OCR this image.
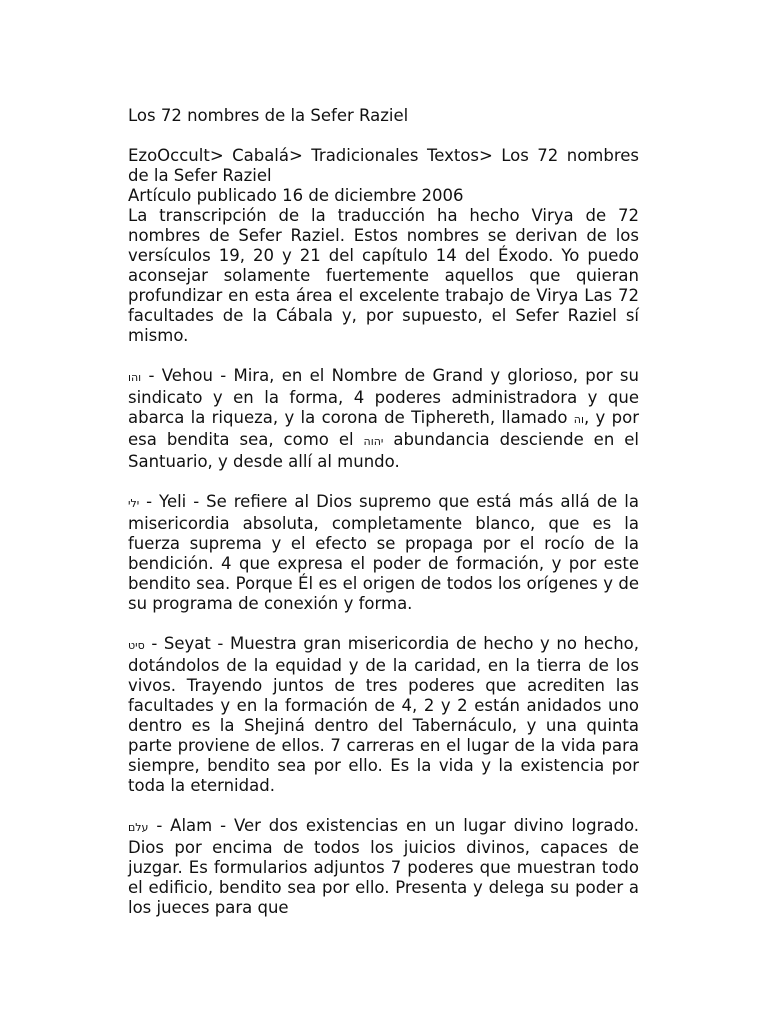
Los 72 nombres de la Sefer Raziel

EzoOccult> Cabalá> Tradicionales Textos> Los 72 nombres de la Sefer Raziel

Artículo publicado 16 de diciembre 2006

La transcripción de la traducción ha hecho Virya de 72 nombres de Sefer Raziel. Estos nombres se derivan de los versículos 19, 20 y 21 del capítulo 14 del Éxodo. Yo puedo aconsejar solamente fuertemente aquellos que quieran profundizar en esta área el excelente trabajo de Virya Las 72 facultades de la Cábala y, por supuesto, el Sefer Raziel sí mismo.

והו - Vehou - Mira, en el Nombre de Grand y glorioso, por su sindicato y en la forma, 4 poderes administradora y que abarca la riqueza, y la corona de Tiphereth, llamado וה, y por esa bendita sea, como el יהוה abundancia desciende en el Santuario, y desde allí al mundo.

ילי - Yeli - Se refiere al Dios supremo que está más allá de la misericordia absoluta, completamente blanco, que es la fuerza suprema y el efecto se propaga por el rocío de la bendición. 4 que expresa el poder de formación, y por este bendito sea. Porque Él es el origen de todos los orígenes y de su programa de conexión y forma.

סיט - Seyat - Muestra gran misericordia de hecho y no hecho, dotándolos de la equidad y de la caridad, en la tierra de los vivos. Trayendo juntos de tres poderes que acrediten las facultades y en la formación de 4, 2 y 2 están anidados uno dentro es la Shejiná dentro del Tabernáculo, y una quinta parte proviene de ellos. 7 carreras en el lugar de la vida para siempre, bendito sea por ello. Es la vida y la existencia por toda la eternidad.

עלם - Alam - Ver dos existencias en un lugar divino logrado. Dios por encima de todos los juicios divinos, capaces de juzgar. Es formularios adjuntos 7 poderes que muestran todo el edificio, bendito sea por ello. Presenta y delega su poder a los jueces para que
